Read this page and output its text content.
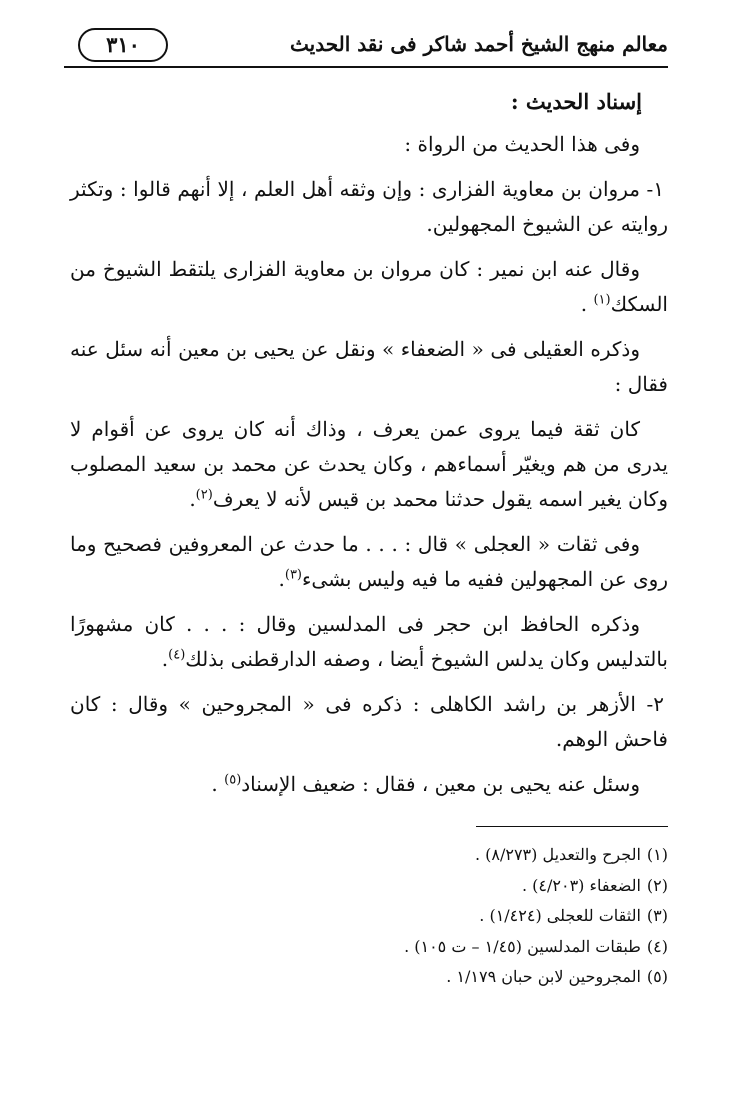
معالم منهج الشيخ أحمد شاكر فى نقد الحديث
٣١٠
إسناد الحديث :

وفى هذا الحديث من الرواة :

١- مروان بن معاوية الفزارى : وإن وثقه أهل العلم ، إلا أنهم قالوا : وتكثر روايته عن الشيوخ المجهولين.

وقال عنه ابن نمير : كان مروان بن معاوية الفزارى يلتقط الشيوخ من السكك$^{(١)}$ .

وذكره العقيلى فى « الضعفاء » ونقل عن يحيى بن معين أنه سئل عنه فقال :

كان ثقة فيما يروى عمن يعرف ، وذاك أنه كان يروى عن أقوام لا يدرى من هم ويغيّر أسماءهم ، وكان يحدث عن محمد بن سعيد المصلوب وكان يغير اسمه يقول حدثنا محمد بن قيس لأنه لا يعرف$^{(٢)}$.

وفى ثقات « العجلى » قال : . . . ما حدث عن المعروفين فصحيح وما روى عن المجهولين ففيه ما فيه وليس بشىء$^{(٣)}$.

وذكره الحافظ ابن حجر فى المدلسين وقال : . . . كان مشهورًا بالتدليس وكان يدلس الشيوخ أيضا ، وصفه الدارقطنى بذلك$^{(٤)}$.

٢- الأزهر بن راشد الكاهلى : ذكره فى « المجروحين » وقال : كان فاحش الوهم.

وسئل عنه يحيى بن معين ، فقال : ضعيف الإسناد$^{(٥)}$ .

(١)الجرح والتعديل (٨/٢٧٣) .
(٢)الضعفاء (٤/٢٠٣) .
(٣)الثقات للعجلى (١/٤٢٤) .
(٤)طبقات المدلسين (١/٤٥ – ت ١٠٥) .
(٥)المجروحين لابن حبان ١/١٧٩ .
